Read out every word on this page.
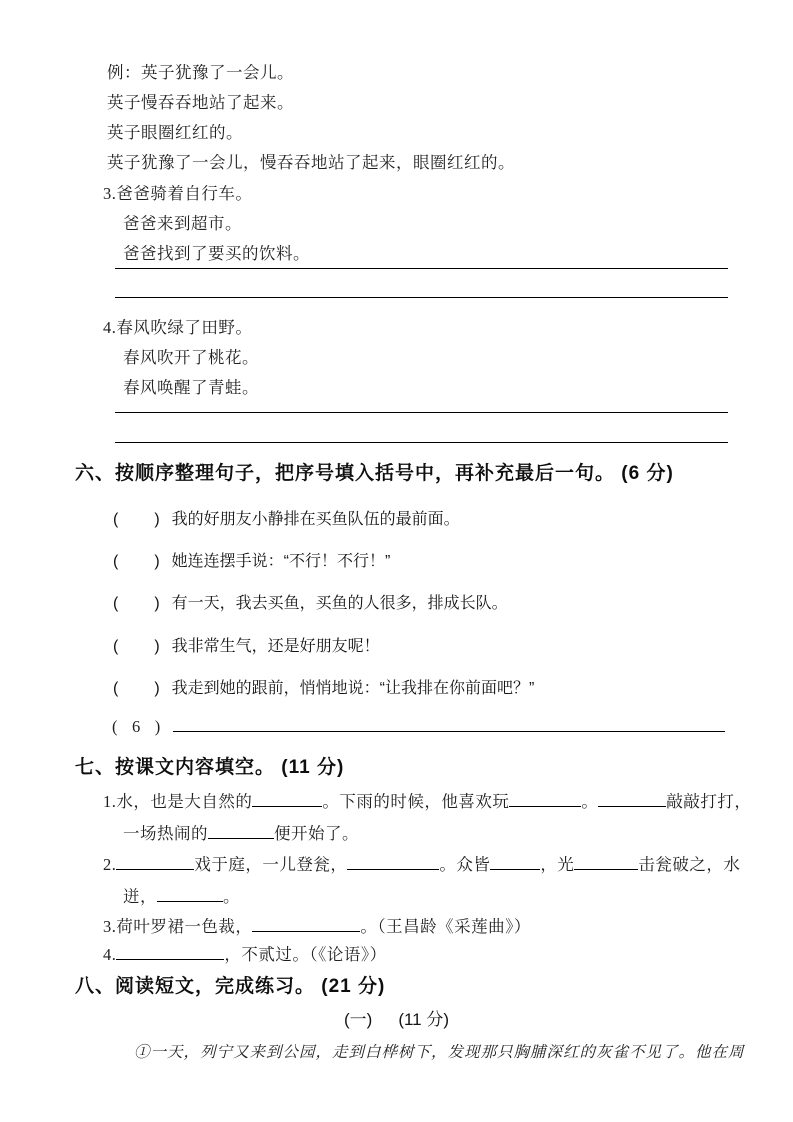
例：英子犹豫了一会儿。
英子慢吞吞地站了起来。
英子眼圈红红的。
英子犹豫了一会儿，慢吞吞地站了起来，眼圈红红的。
3.爸爸骑着自行车。
爸爸来到超市。
爸爸找到了要买的饮料。
4.春风吹绿了田野。
春风吹开了桃花。
春风唤醒了青蛙。
六、按顺序整理句子，把序号填入括号中，再补充最后一句。 (6 分)
( ) 我的好朋友小静排在买鱼队伍的最前面。
( ) 她连连摆手说：“不行！不行！”
( ) 有一天，我去买鱼，买鱼的人很多，排成长队。
( ) 我非常生气，还是好朋友呢！
( ) 我走到她的跟前，悄悄地说：“让我排在你前面吧？”
( 6 )
七、按课文内容填空。 (11 分)
1.水，也是大自然的	。下雨的时候，他喜欢玩	。	敲敲打打，
一场热闹的	便开始了。
2.	戏于庭，一儿登瓮，	。众皆	，光	击瓮破之，水
迸，	。
3.荷叶罗裙一色裁，	。（王昌龄《采莲曲》）
4.	，不贰过。（《论语》）
八、阅读短文，完成练习。 (21 分)
(一) (11 分)
①一天，列宁又来到公园，走到白桦树下，发现那只胸脯深红的灰雀不见了。他在周
